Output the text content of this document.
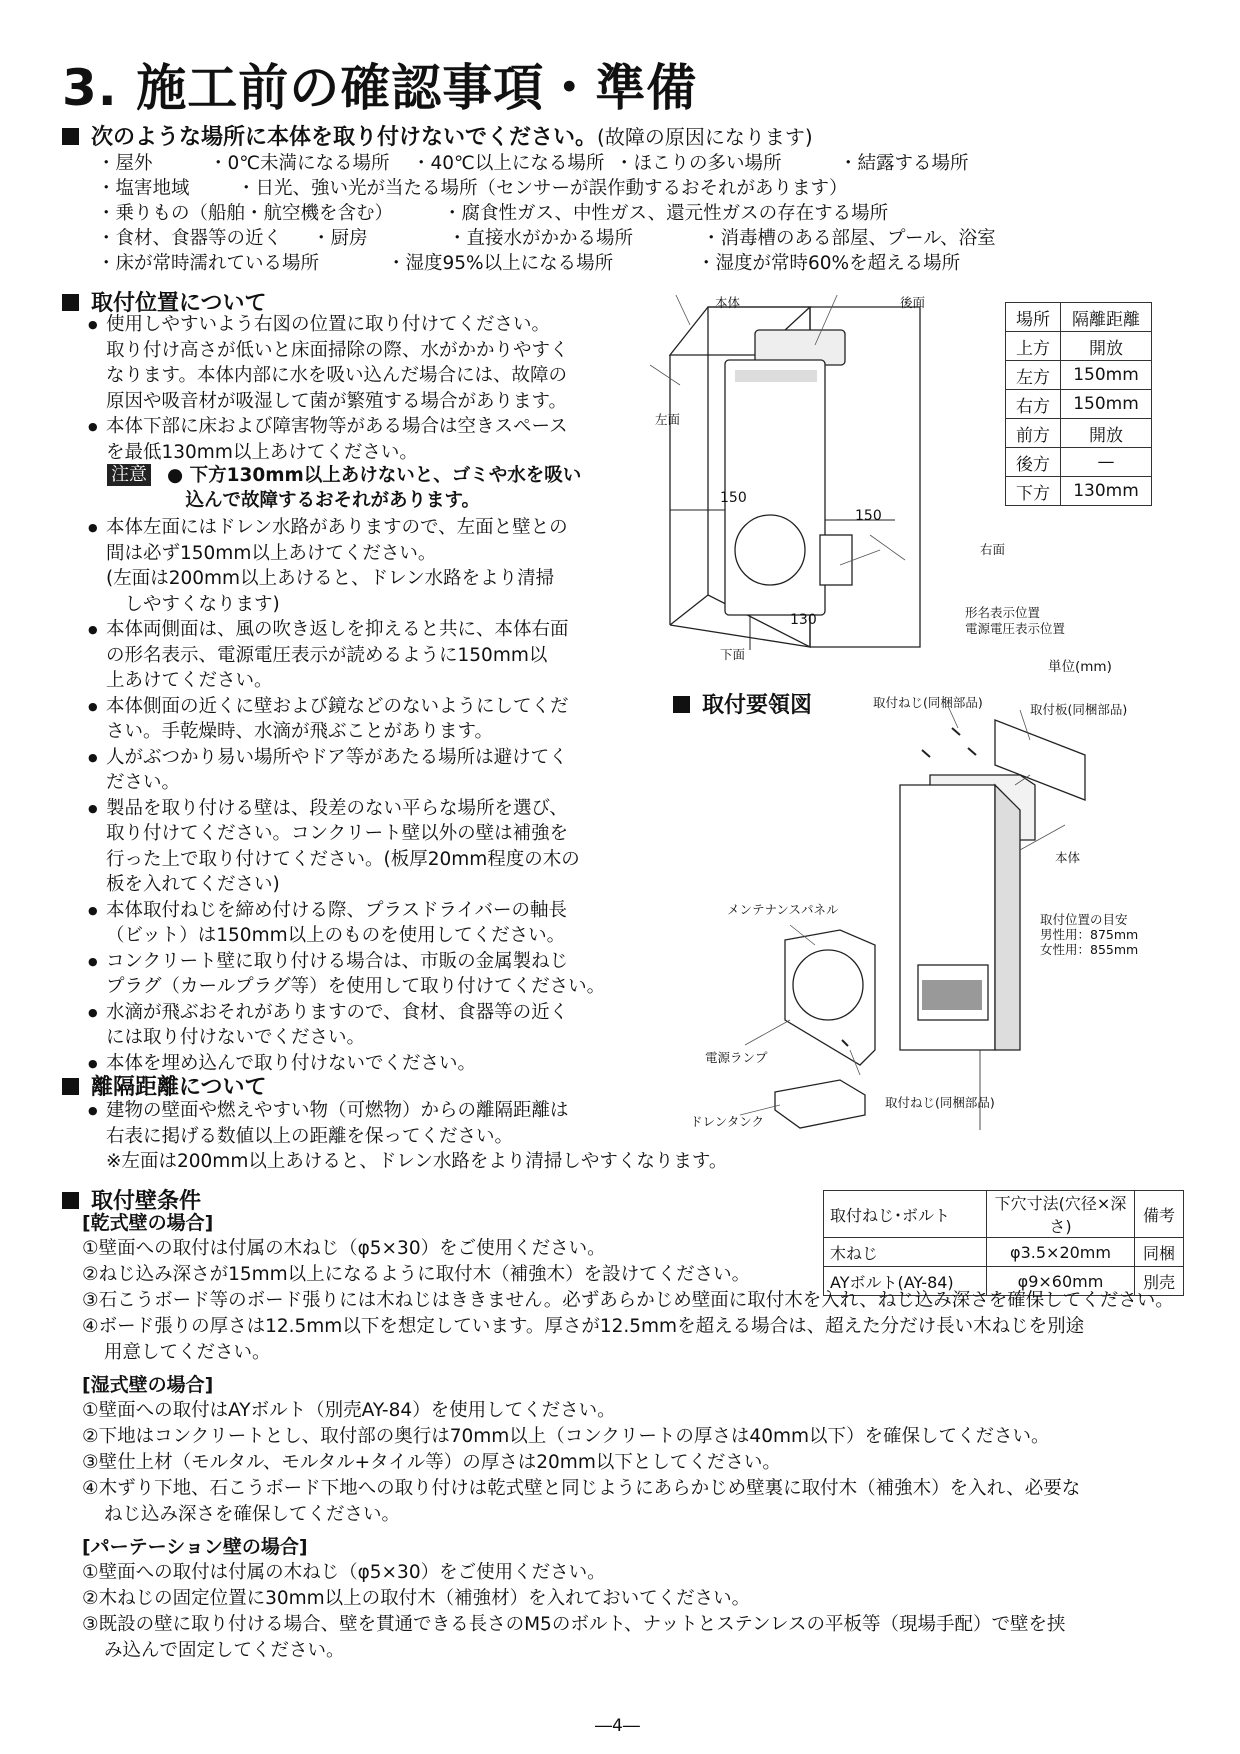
3. 施工前の確認事項・準備
次のような場所に本体を取り付けないでください。(故障の原因になります)
・屋外	・0℃未満になる場所 ・40℃以上になる場所 ・ほこりの多い場所	・結露する場所
・塩害地域	・日光、強い光が当たる場所（センサーが誤作動するおそれがあります）
・乗りもの（船舶・航空機を含む）	・腐食性ガス、中性ガス、還元性ガスの存在する場所
・食材、食器等の近く ・厨房	・直接水がかかる場所	・消毒槽のある部屋、プール、浴室
・床が常時濡れている場所	・湿度95%以上になる場所	・湿度が常時60%を超える場所
取付位置について

● 使用しやすいよう右図の位置に取り付けてください。

取り付け高さが低いと床面掃除の際、水がかかりやすく

なります。本体内部に水を吸い込んだ場合には、故障の

原因や吸音材が吸湿して菌が繁殖する場合があります。

● 本体下部に床および障害物等がある場合は空きスペース

を最低130mm以上あけてください。

注意 ● 下方130mm以上あけないと、ゴミや水を吸い
　込んで故障するおそれがあります。

● 本体左面にはドレン水路がありますので、左面と壁との

間は必ず150mm以上あけてください。

(左面は200mm以上あけると、ドレン水路をより清掃

　しやすくなります)

● 本体両側面は、風の吹き返しを抑えると共に、本体右面

の形名表示、電源電圧表示が読めるように150mm以

上あけてください。

● 本体側面の近くに壁および鏡などのないようにしてくだ

さい。手乾燥時、水滴が飛ぶことがあります。

● 人がぶつかり易い場所やドア等があたる場所は避けてく

ださい。

● 製品を取り付ける壁は、段差のない平らな場所を選び、

取り付けてください。コンクリート壁以外の壁は補強を

行った上で取り付けてください。(板厚20mm程度の木の

板を入れてください)

● 本体取付ねじを締め付ける際、プラスドライバーの軸長

（ビット）は150mm以上のものを使用してください。

● コンクリート壁に取り付ける場合は、市販の金属製ねじ

プラグ（カールプラグ等）を使用して取り付けてください。

● 水滴が飛ぶおそれがありますので、食材、食器等の近く

には取り付けないでください。

● 本体を埋め込んで取り付けないでください。

本体	後面
左面
右面
下面
150
150
130	形名表示位置
電源電圧表示位置
単位(mm)
場所	隔離距離
上方	開放
左方	150mm
右方	150mm
前方	開放
後方	—
下方	130mm
取付要領図	取付ねじ(同梱部品)	取付板(同梱部品)
本体
メンテナンスパネル
取付位置の目安
男性用：875mm
女性用：855mm
電源ランプ
取付ねじ(同梱部品)
ドレンタンク
離隔距離について

● 建物の壁面や燃えやすい物（可燃物）からの離隔距離は

右表に掲げる数値以上の距離を保ってください。

※左面は200mm以上あけると、ドレン水路をより清掃しやすくなります。

取付壁条件
取付ねじ･ボルト	下穴寸法(穴径×深さ)	備考
木ねじ	φ3.5×20mm	同梱
AYボルト(AY-84)	φ9×60mm	別売

[乾式壁の場合]

①壁面への取付は付属の木ねじ（φ5×30）をご使用ください。

②ねじ込み深さが15mm以上になるように取付木（補強木）を設けてください。

③石こうボード等のボード張りには木ねじはききません。必ずあらかじめ壁面に取付木を入れ、ねじ込み深さを確保してください。

④ボード張りの厚さは12.5mm以下を想定しています。厚さが12.5mmを超える場合は、超えた分だけ長い木ねじを別途

用意してください。

[湿式壁の場合]

①壁面への取付はAYボルト（別売AY-84）を使用してください。

②下地はコンクリートとし、取付部の奥行は70mm以上（コンクリートの厚さは40mm以下）を確保してください。

③壁仕上材（モルタル、モルタル+タイル等）の厚さは20mm以下としてください。

④木ずり下地、石こうボード下地への取り付けは乾式壁と同じようにあらかじめ壁裏に取付木（補強木）を入れ、必要な

ねじ込み深さを確保してください。

[パーテーション壁の場合]

①壁面への取付は付属の木ねじ（φ5×30）をご使用ください。

②木ねじの固定位置に30mm以上の取付木（補強材）を入れておいてください。

③既設の壁に取り付ける場合、壁を貫通できる長さのM5のボルト、ナットとステンレスの平板等（現場手配）で壁を挟

み込んで固定してください。

―4―
